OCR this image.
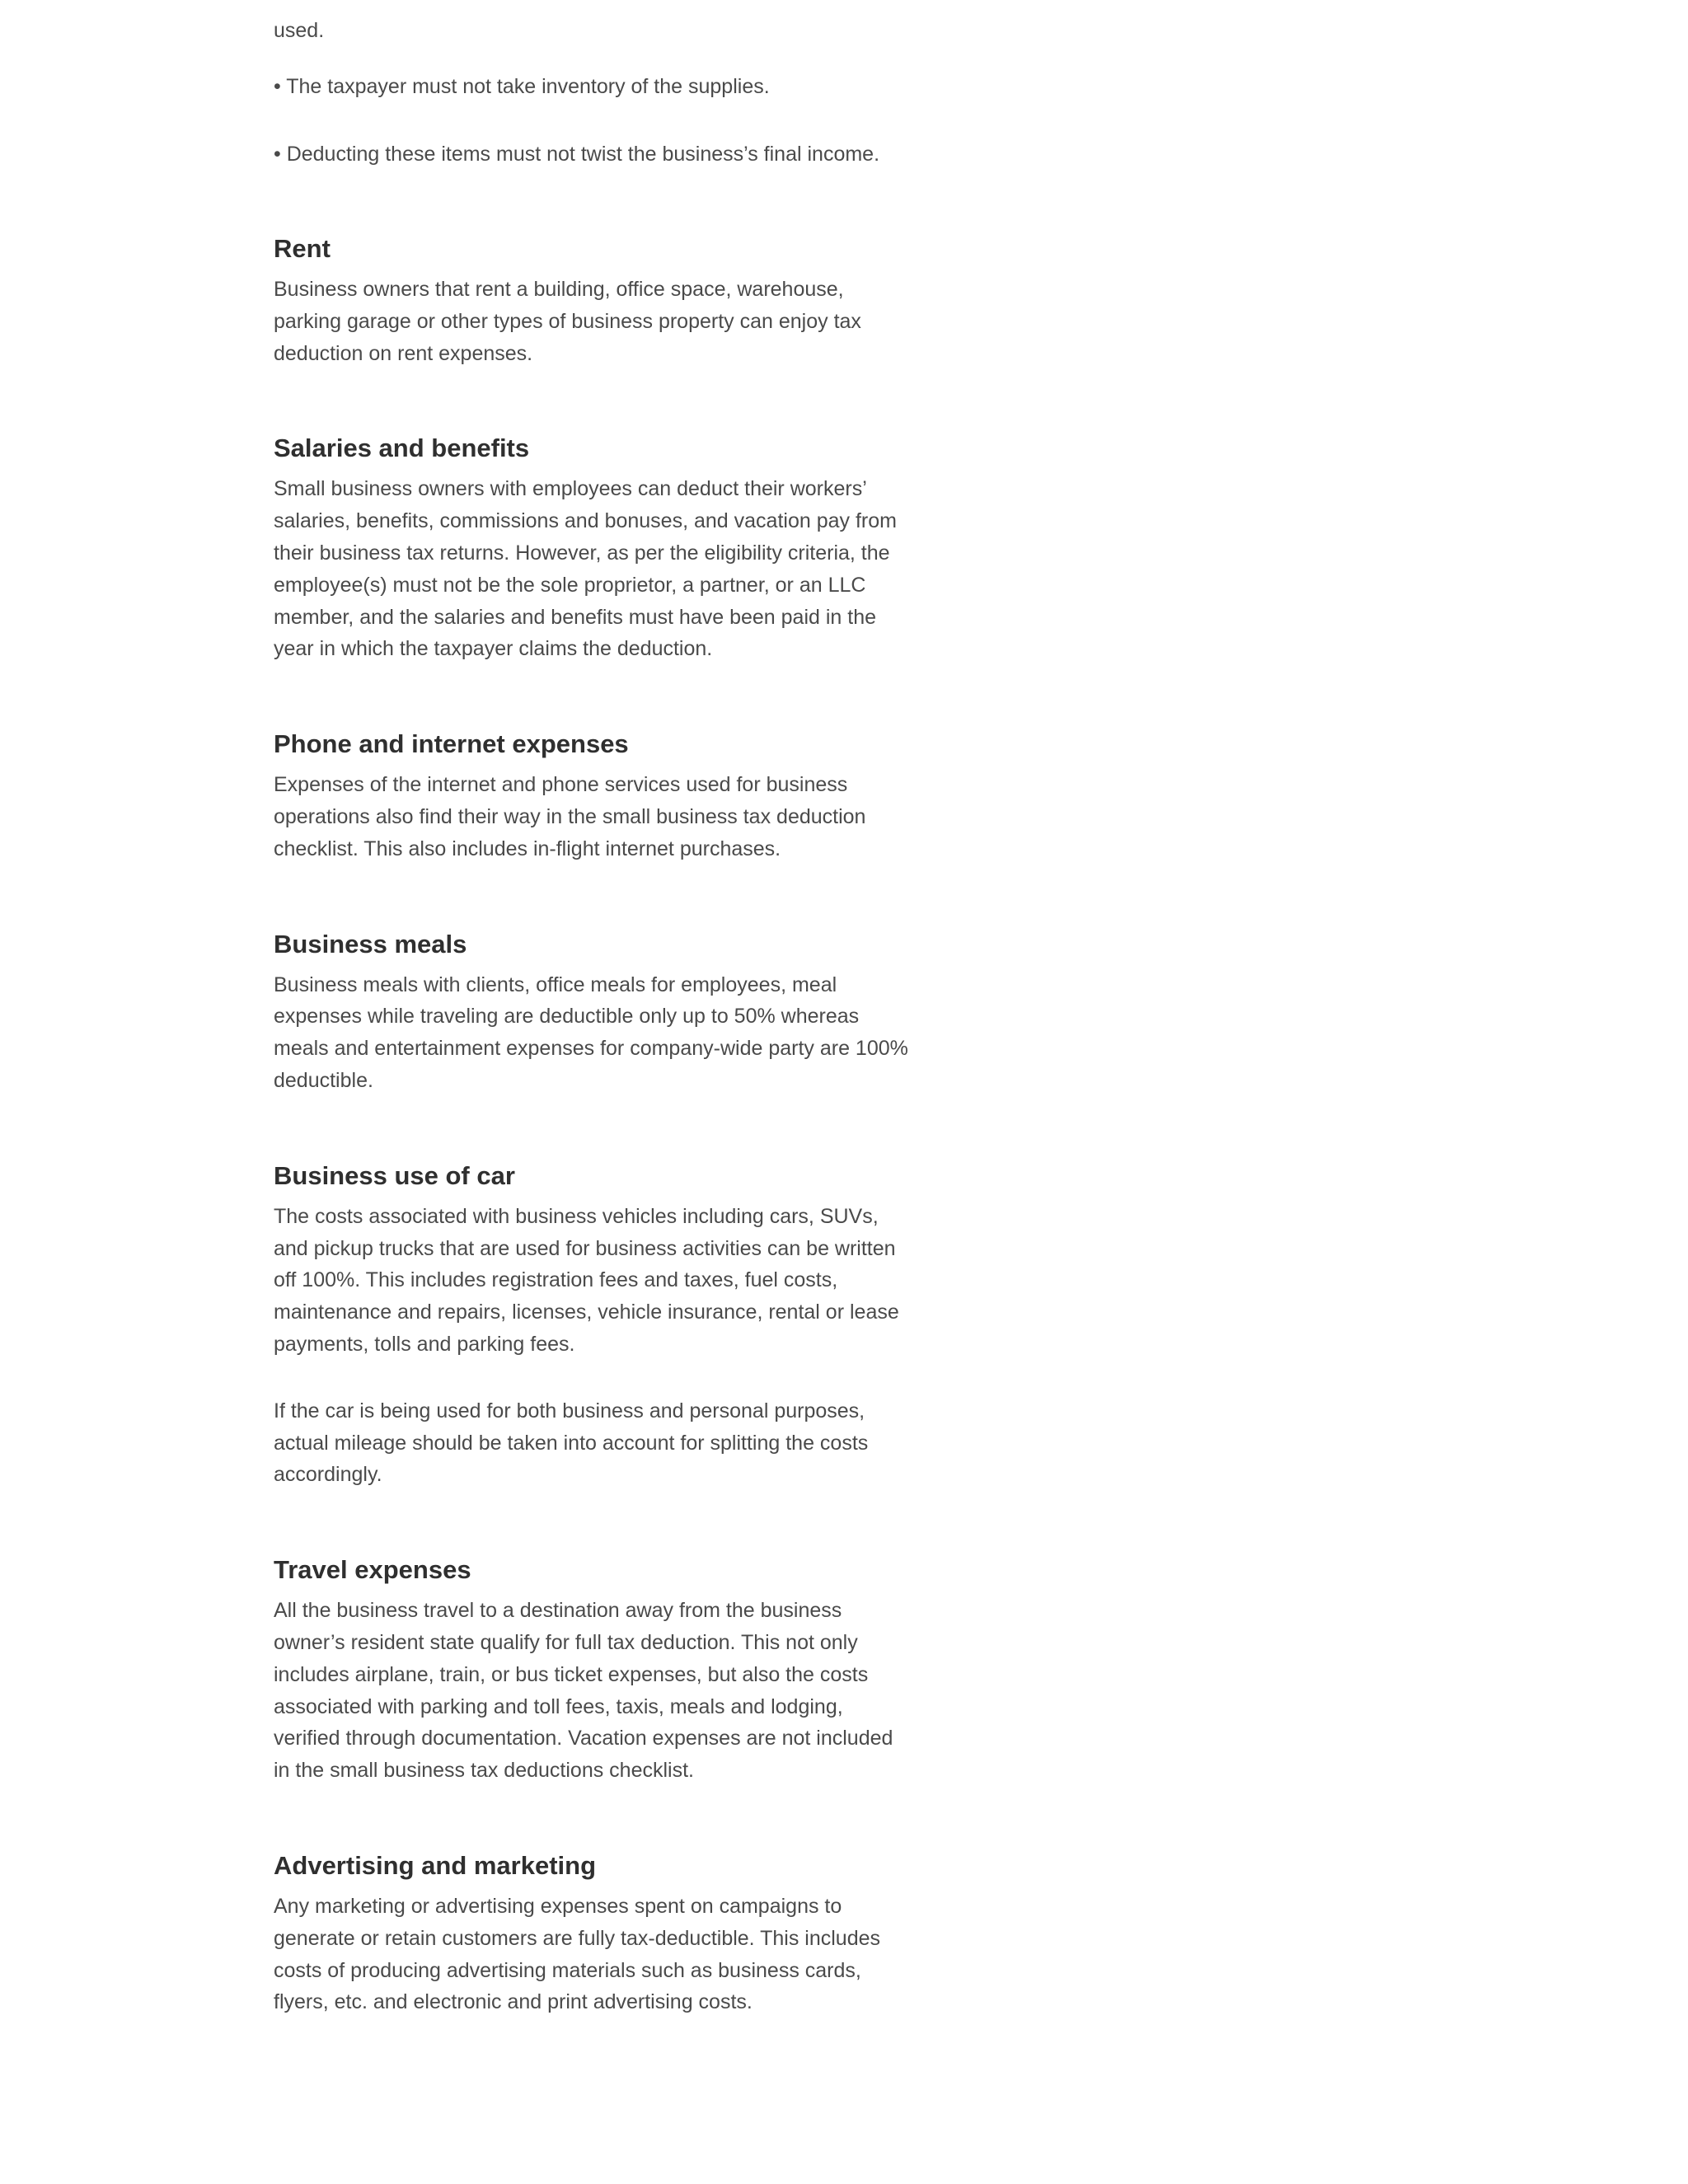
used.

• The taxpayer must not take inventory of the supplies.

• Deducting these items must not twist the business’s final income.

Rent

Business owners that rent a building, office space, warehouse, parking garage or other types of business property can enjoy tax deduction on rent expenses.

Salaries and benefits

Small business owners with employees can deduct their workers’ salaries, benefits, commissions and bonuses, and vacation pay from their business tax returns. However, as per the eligibility criteria, the employee(s) must not be the sole proprietor, a partner, or an LLC member, and the salaries and benefits must have been paid in the year in which the taxpayer claims the deduction.

Phone and internet expenses

Expenses of the internet and phone services used for business operations also find their way in the small business tax deduction checklist. This also includes in-flight internet purchases.

Business meals

Business meals with clients, office meals for employees, meal expenses while traveling are deductible only up to 50% whereas meals and entertainment expenses for company-wide party are 100% deductible.

Business use of car

The costs associated with business vehicles including cars, SUVs, and pickup trucks that are used for business activities can be written off 100%. This includes registration fees and taxes, fuel costs, maintenance and repairs, licenses, vehicle insurance, rental or lease payments, tolls and parking fees.

If the car is being used for both business and personal purposes, actual mileage should be taken into account for splitting the costs accordingly.

Travel expenses

All the business travel to a destination away from the business owner’s resident state qualify for full tax deduction. This not only includes airplane, train, or bus ticket expenses, but also the costs associated with parking and toll fees, taxis, meals and lodging, verified through documentation. Vacation expenses are not included in the small business tax deductions checklist.

Advertising and marketing

Any marketing or advertising expenses spent on campaigns to generate or retain customers are fully tax-deductible. This includes costs of producing advertising materials such as business cards, flyers, etc. and electronic and print advertising costs.
